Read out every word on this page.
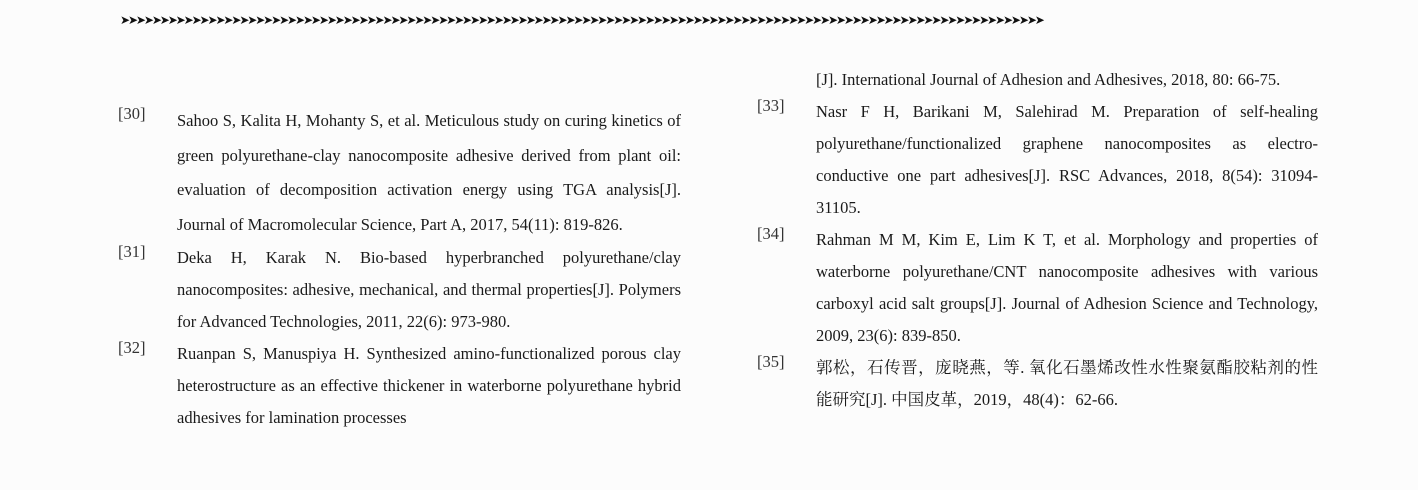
➤➤➤➤➤➤➤➤➤➤➤➤➤➤➤➤➤➤➤➤➤➤➤➤➤➤➤➤➤➤➤➤➤➤➤➤➤➤➤➤➤➤➤➤➤➤➤➤➤➤➤➤➤➤➤➤➤➤➤➤➤➤➤➤➤➤➤➤➤➤➤➤➤➤➤➤➤➤➤➤➤➤➤➤➤➤➤➤➤➤➤➤➤➤➤➤➤➤➤➤➤➤➤➤➤➤➤➤➤➤➤➤➤➤➤➤
[30]	Sahoo S, Kalita H, Mohanty S, et al. Meticulous study on curing kinetics of green polyurethane-clay nanocomposite adhesive derived from plant oil: evaluation of decomposition activation energy using TGA analysis[J]. Journal of Macromolecular Science, Part A, 2017, 54(11): 819-826.
[31]	Deka H, Karak N. Bio-based hyperbranched polyurethane/clay nanocomposites: adhesive, mechanical, and thermal properties[J]. Polymers for Advanced Technologies, 2011, 22(6): 973-980.
[32]	Ruanpan S, Manuspiya H. Synthesized amino-functionalized porous clay heterostructure as an effective thickener in waterborne polyurethane hybrid adhesives for lamination processes
[J]. International Journal of Adhesion and Adhesives, 2018, 80: 66-75.
[33]	Nasr F H, Barikani M, Salehirad M. Preparation of self-healing polyurethane/functionalized graphene nanocomposites as electro-conductive one part adhesives[J]. RSC Advances, 2018, 8(54): 31094-31105.
[34]	Rahman M M, Kim E, Lim K T, et al. Morphology and properties of waterborne polyurethane/CNT nanocomposite adhesives with various carboxyl acid salt groups[J]. Journal of Adhesion Science and Technology, 2009, 23(6): 839-850.
[35]	郭松，石传晋，庞晓燕，等. 氧化石墨烯改性水性聚氨酯胶粘剂的性能研究[J]. 中国皮革，2019，48(4)：62-66.
